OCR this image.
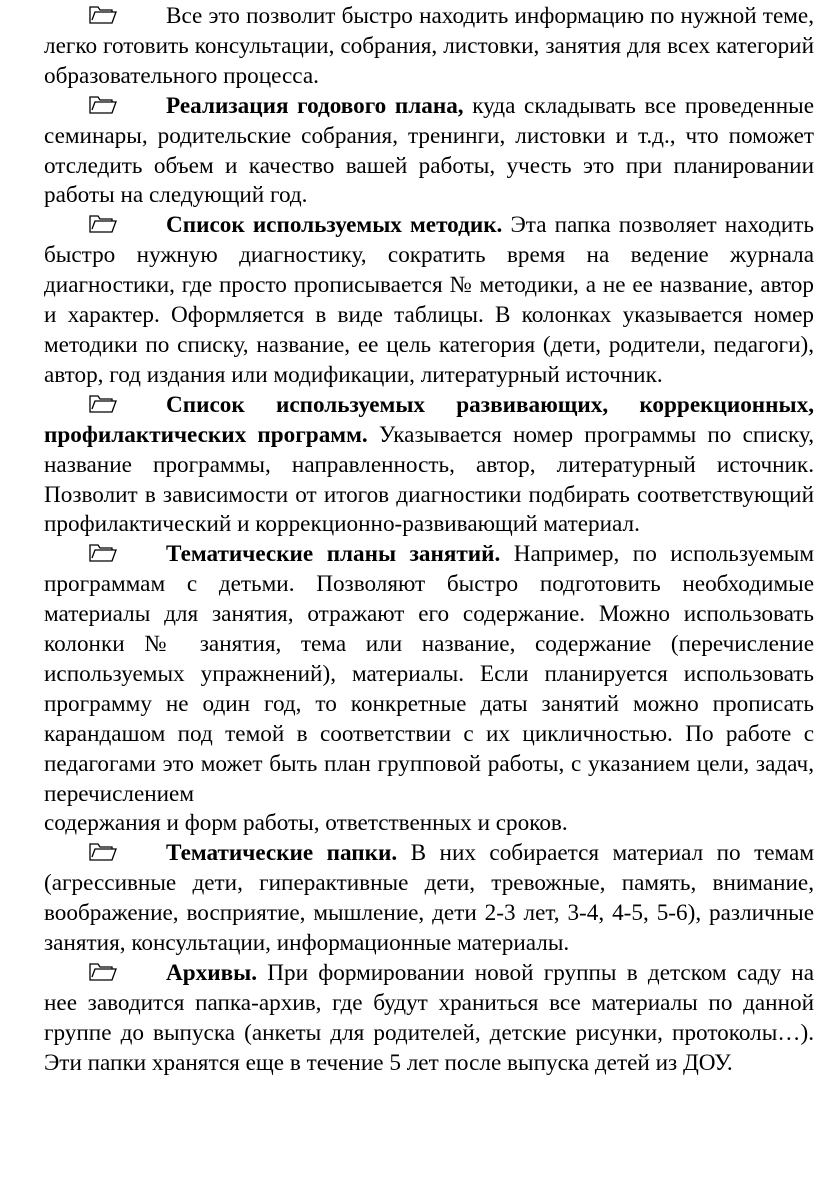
Все это позволит быстро находить информацию по нужной теме, легко готовить консультации, собрания, листовки, занятия для всех категорий образовательного процесса.

Реализация годового плана, куда складывать все проведенные семинары, родительские собрания, тренинги, листовки и т.д., что поможет отследить объем и качество вашей работы, учесть это при планировании работы на следующий год.

Список используемых методик. Эта папка позволяет находить быстро нужную диагностику, сократить время на ведение журнала диагностики, где просто прописывается № методики, а не ее название, автор и характер. Оформляется в виде таблицы. В колонках указывается номер методики по списку, название, ее цель категория (дети, родители, педагоги), автор, год издания или модификации, литературный источник.

Список используемых развивающих, коррекционных, профилактических программ. Указывается номер программы по списку, название программы, направленность, автор, литературный источник. Позволит в зависимости от итогов диагностики подбирать соответствующий профилактический и коррекционно-развивающий материал.

Тематические планы занятий. Например, по используемым программам с детьми. Позволяют быстро подготовить необходимые материалы для занятия, отражают его содержание. Можно использовать колонки № занятия, тема или название, содержание (перечисление используемых упражнений), материалы. Если планируется использовать программу не один год, то конкретные даты занятий можно прописать карандашом под темой в соответствии с их цикличностью. По работе с педагогами это может быть план групповой работы, с указанием цели, задач, перечислением
содержания и форм работы, ответственных и сроков.

Тематические папки. В них собирается материал по темам (агрессивные дети, гиперактивные дети, тревожные, память, внимание, воображение, восприятие, мышление, дети 2-3 лет, 3-4, 4-5, 5-6), различные занятия, консультации, информационные материалы.

Архивы. При формировании новой группы в детском саду на нее заводится папка-архив, где будут храниться все материалы по данной группе до выпуска (анкеты для родителей, детские рисунки, протоколы…). Эти папки хранятся еще в течение 5 лет после выпуска детей из ДОУ.
